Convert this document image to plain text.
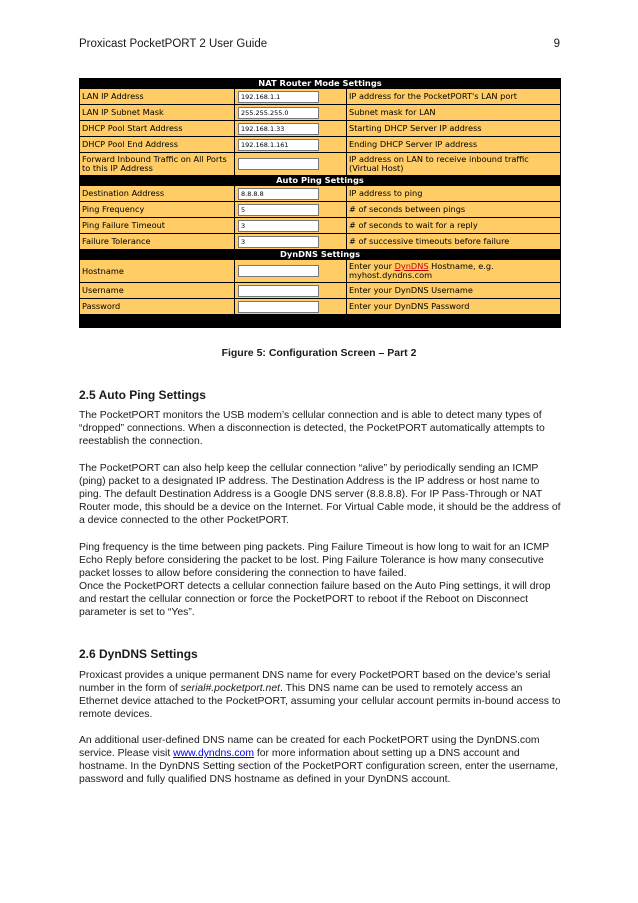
Proxicast PocketPORT 2 User Guide	9
NAT Router Mode Settings		
LAN IP Address	192.168.1.1	IP address for the PocketPORT's LAN port
LAN IP Subnet Mask	255.255.255.0	Subnet mask for LAN
DHCP Pool Start Address	192.168.1.33	Starting DHCP Server IP address
DHCP Pool End Address	192.168.1.161	Ending DHCP Server IP address
Forward Inbound Traffic on All Ports to this IP Address		IP address on LAN to receive inbound traffic (Virtual Host)
Auto Ping Settings		
Destination Address	8.8.8.8	IP address to ping
Ping Frequency	5	# of seconds between pings
Ping Failure Timeout	3	# of seconds to wait for a reply
Failure Tolerance	3	# of successive timeouts before failure
DynDNS Settings		
Hostname		Enter your DynDNS Hostname, e.g. myhost.dyndns.com
Username		Enter your DynDNS Username
Password		Enter your DynDNS Password
Figure 5: Configuration Screen – Part 2
2.5 Auto Ping Settings
The PocketPORT monitors the USB modem’s cellular connection and is able to detect many types of “dropped” connections. When a disconnection is detected, the PocketPORT automatically attempts to reestablish the connection.
The PocketPORT can also help keep the cellular connection “alive” by periodically sending an ICMP (ping) packet to a designated IP address. The Destination Address is the IP address or host name to ping. The default Destination Address is a Google DNS server (8.8.8.8). For IP Pass-Through or NAT Router mode, this should be a device on the Internet. For Virtual Cable mode, it should be the address of a device connected to the other PocketPORT.
Ping frequency is the time between ping packets. Ping Failure Timeout is how long to wait for an ICMP Echo Reply before considering the packet to be lost. Ping Failure Tolerance is how many consecutive packet losses to allow before considering the connection to have failed.
Once the PocketPORT detects a cellular connection failure based on the Auto Ping settings, it will drop and restart the cellular connection or force the PocketPORT to reboot if the Reboot on Disconnect parameter is set to “Yes”.
2.6 DynDNS Settings
Proxicast provides a unique permanent DNS name for every PocketPORT based on the device’s serial number in the form of serial#.pocketport.net. This DNS name can be used to remotely access an Ethernet device attached to the PocketPORT, assuming your cellular account permits in-bound access to remote devices.
An additional user-defined DNS name can be created for each PocketPORT using the DynDNS.com service. Please visit www.dyndns.com for more information about setting up a DNS account and hostname. In the DynDNS Setting section of the PocketPORT configuration screen, enter the username, password and fully qualified DNS hostname as defined in your DynDNS account.
